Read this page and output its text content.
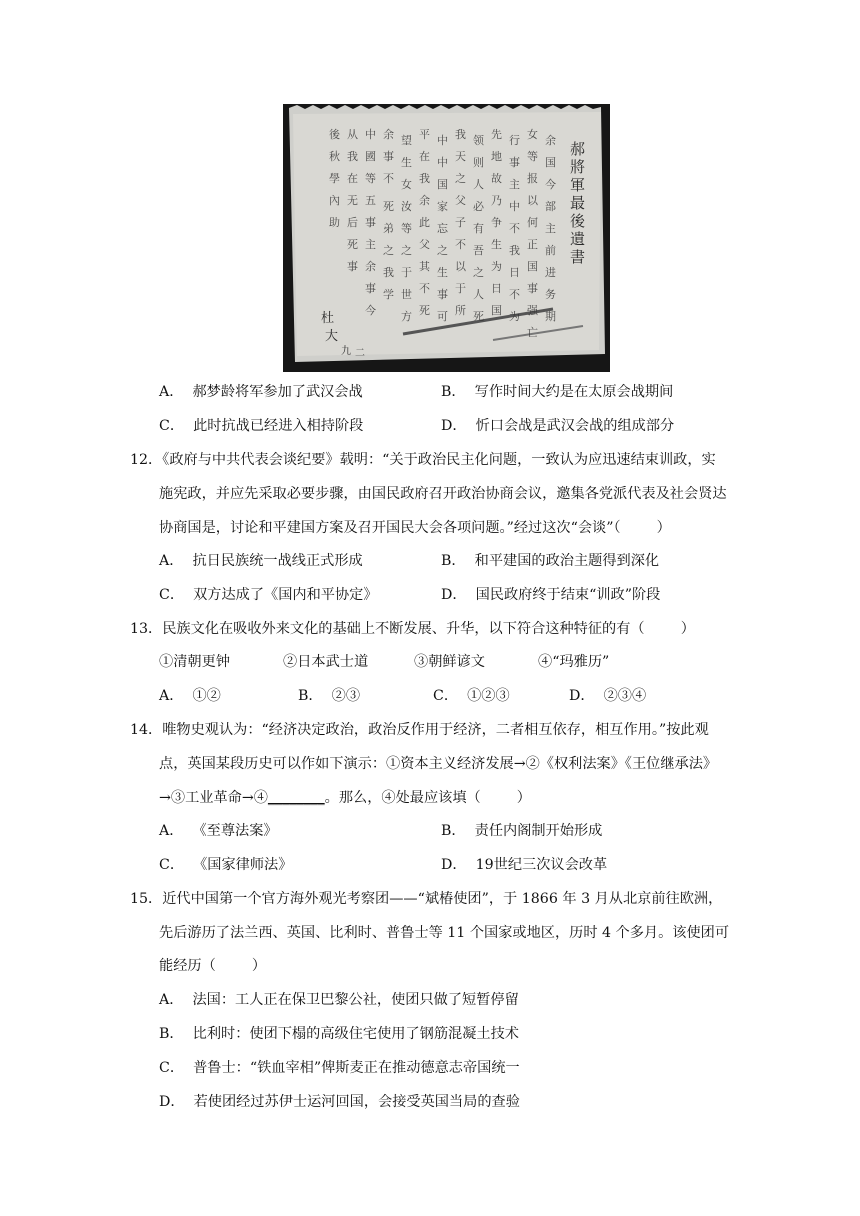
郝
將
軍
最
後
遺
書
余
国
今
部
主
前
进
务
期
女
等
报
以
何
正
国
事
强
亡
行
事
主
中
不
我
日
不
为
先
地
故
乃
争
生
为
日
国
领
则
人
必
有
吾
之
人
死
我
天
之
父
子
不
以
于
所
中
中
国
家
忘
之
生
事
可
平
在
我
余
此
父
其
不
死
望
生
女
汝
等
之
于
世
方
余
事
不
死
弟
之
我
学
中
國
等
五
事
主
余
事
今
从
我
在
无
后
死
事
後
秋
學
內
助
杜
大
九 二
A．  郝梦龄将军参加了武汉会战	B．  写作时间大约是在太原会战期间
C．  此时抗战已经进入相持阶段	D．  忻口会战是武汉会战的组成部分
12．《政府与中共代表会谈纪要》载明：“关于政治民主化问题，一致认为应迅速结束训政，实
施宪政，并应先采取必要步骤，由国民政府召开政治协商会议，邀集各党派代表及社会贤达
协商国是，讨论和平建国方案及召开国民大会各项问题。”经过这次“会谈”（        ）
A．  抗日民族统一战线正式形成	B．  和平建国的政治主题得到深化
C．  双方达成了《国内和平协定》	D．  国民政府终于结束“训政”阶段
13．民族文化在吸收外来文化的基础上不断发展、升华，以下符合这种特征的有（        ）
①清朝更钟	②日本武士道	③朝鲜谚文	④“玛雅历”
A．  ①②	B．  ②③	C．  ①②③	D．  ②③④
14．唯物史观认为：“经济决定政治，政治反作用于经济，二者相互依存，相互作用。”按此观
点，英国某段历史可以作如下演示：①资本主义经济发展→②《权利法案》《王位继承法》
→③工业革命→④________。那么，④处最应该填（        ）
A．  《至尊法案》	B．  责任内阁制开始形成
C．  《国家律师法》	D．  19世纪三次议会改革
15．近代中国第一个官方海外观光考察团——“斌椿使团”，于 1866 年 3 月从北京前往欧洲，
先后游历了法兰西、英国、比利时、普鲁士等 11 个国家或地区，历时 4 个多月。该使团可
能经历（        ）
A．  法国：工人正在保卫巴黎公社，使团只做了短暂停留
B．  比利时：使团下榻的高级住宅使用了钢筋混凝土技术
C．  普鲁士：“铁血宰相”俾斯麦正在推动德意志帝国统一
D．  若使团经过苏伊士运河回国，会接受英国当局的查验
